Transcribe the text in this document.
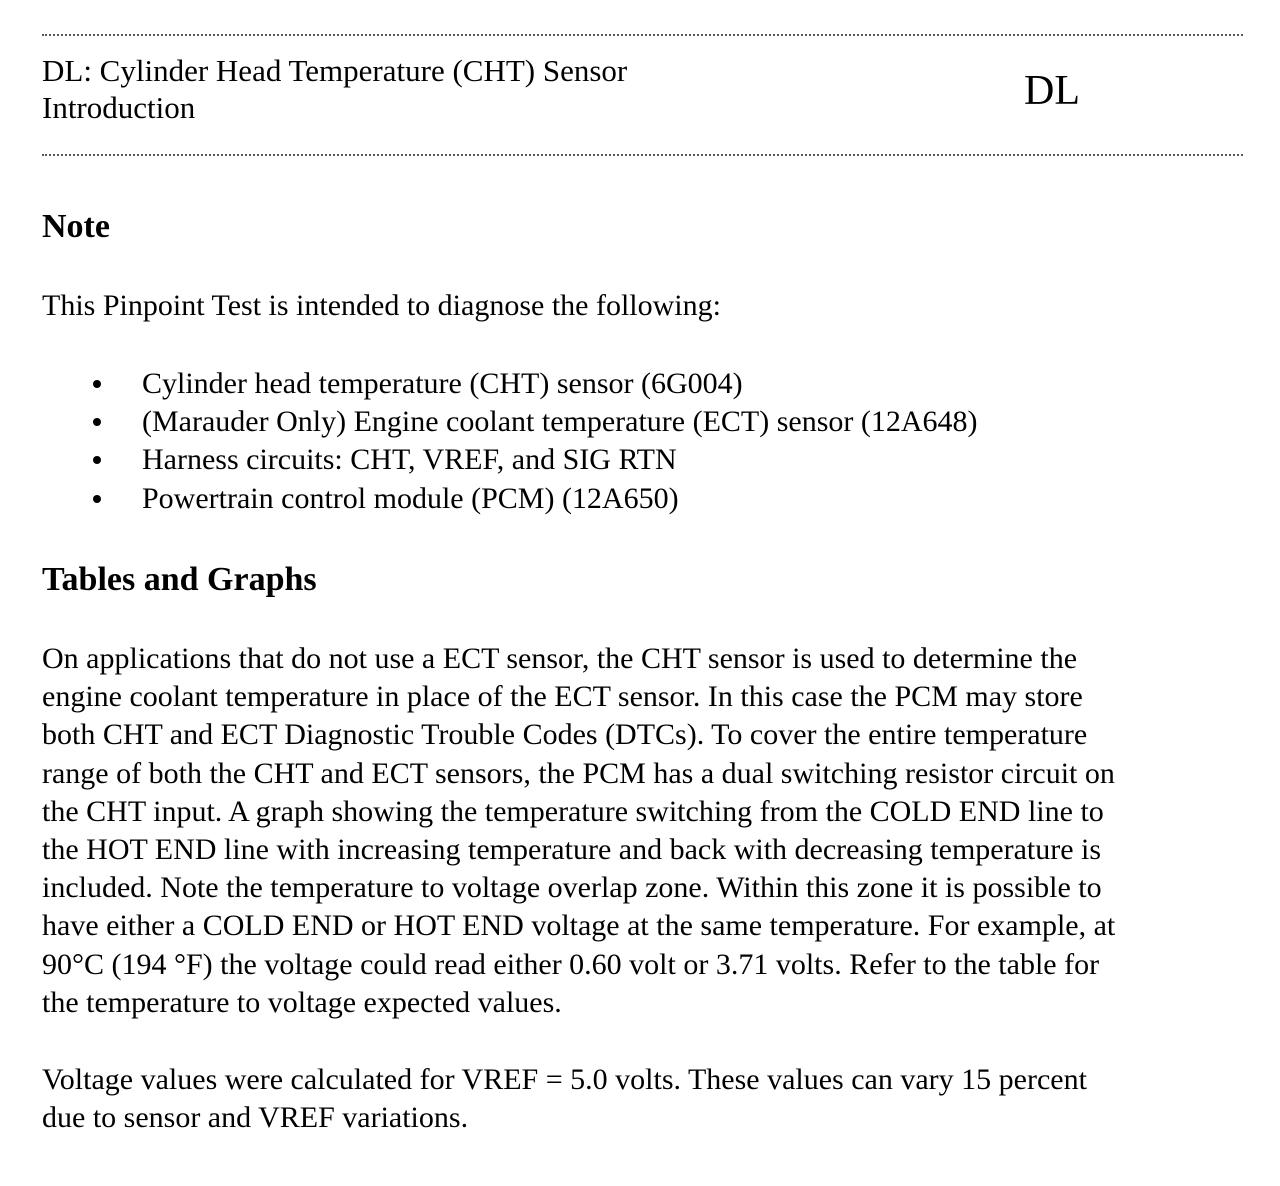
DL: Cylinder Head Temperature (CHT) Sensor
Introduction	DL
Note
This Pinpoint Test is intended to diagnose the following:
Cylinder head temperature (CHT) sensor (6G004)
(Marauder Only) Engine coolant temperature (ECT) sensor (12A648)
Harness circuits: CHT, VREF, and SIG RTN
Powertrain control module (PCM) (12A650)
Tables and Graphs
On applications that do not use a ECT sensor, the CHT sensor is used to determine the
engine coolant temperature in place of the ECT sensor. In this case the PCM may store
both CHT and ECT Diagnostic Trouble Codes (DTCs). To cover the entire temperature
range of both the CHT and ECT sensors, the PCM has a dual switching resistor circuit on
the CHT input. A graph showing the temperature switching from the COLD END line to
the HOT END line with increasing temperature and back with decreasing temperature is
included. Note the temperature to voltage overlap zone. Within this zone it is possible to
have either a COLD END or HOT END voltage at the same temperature. For example, at
90°C (194 °F) the voltage could read either 0.60 volt or 3.71 volts. Refer to the table for
the temperature to voltage expected values.
Voltage values were calculated for VREF = 5.0 volts. These values can vary 15 percent
due to sensor and VREF variations.
